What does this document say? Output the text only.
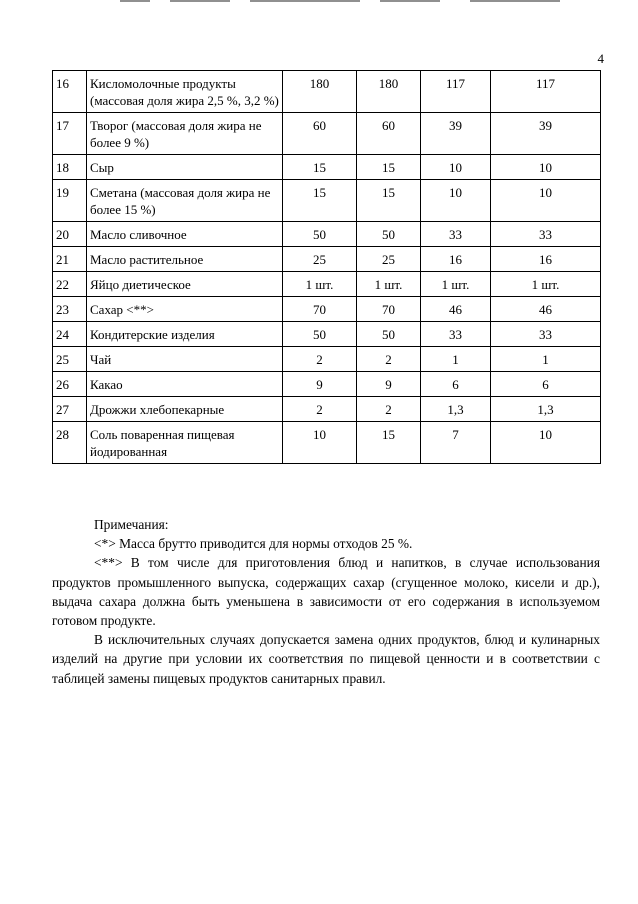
4
16	Кисломолочные продукты (массовая доля жира 2,5 %, 3,2 %)	180	180	117	117
17	Творог (массовая доля жира не более 9 %)	60	60	39	39
18	Сыр	15	15	10	10
19	Сметана (массовая доля жира не более 15 %)	15	15	10	10
20	Масло сливочное	50	50	33	33
21	Масло растительное	25	25	16	16
22	Яйцо диетическое	1 шт.	1 шт.	1 шт.	1 шт.
23	Сахар <**>	70	70	46	46
24	Кондитерские изделия	50	50	33	33
25	Чай	2	2	1	1
26	Какао	9	9	6	6
27	Дрожжи хлебопекарные	2	2	1,3	1,3
28	Соль поваренная пищевая йодированная	10	15	7	10

Примечания:

<*> Масса брутто приводится для нормы отходов 25 %.

<**> В том числе для приготовления блюд и напитков, в случае использования продуктов промышленного выпуска, содержащих сахар (сгущенное молоко, кисели и др.), выдача сахара должна быть уменьшена в зависимости от его содержания в используемом готовом продукте.

В исключительных случаях допускается замена одних продуктов, блюд и кулинарных изделий на другие при условии их соответствия по пищевой ценности и в соответствии с таблицей замены пищевых продуктов санитарных правил.
